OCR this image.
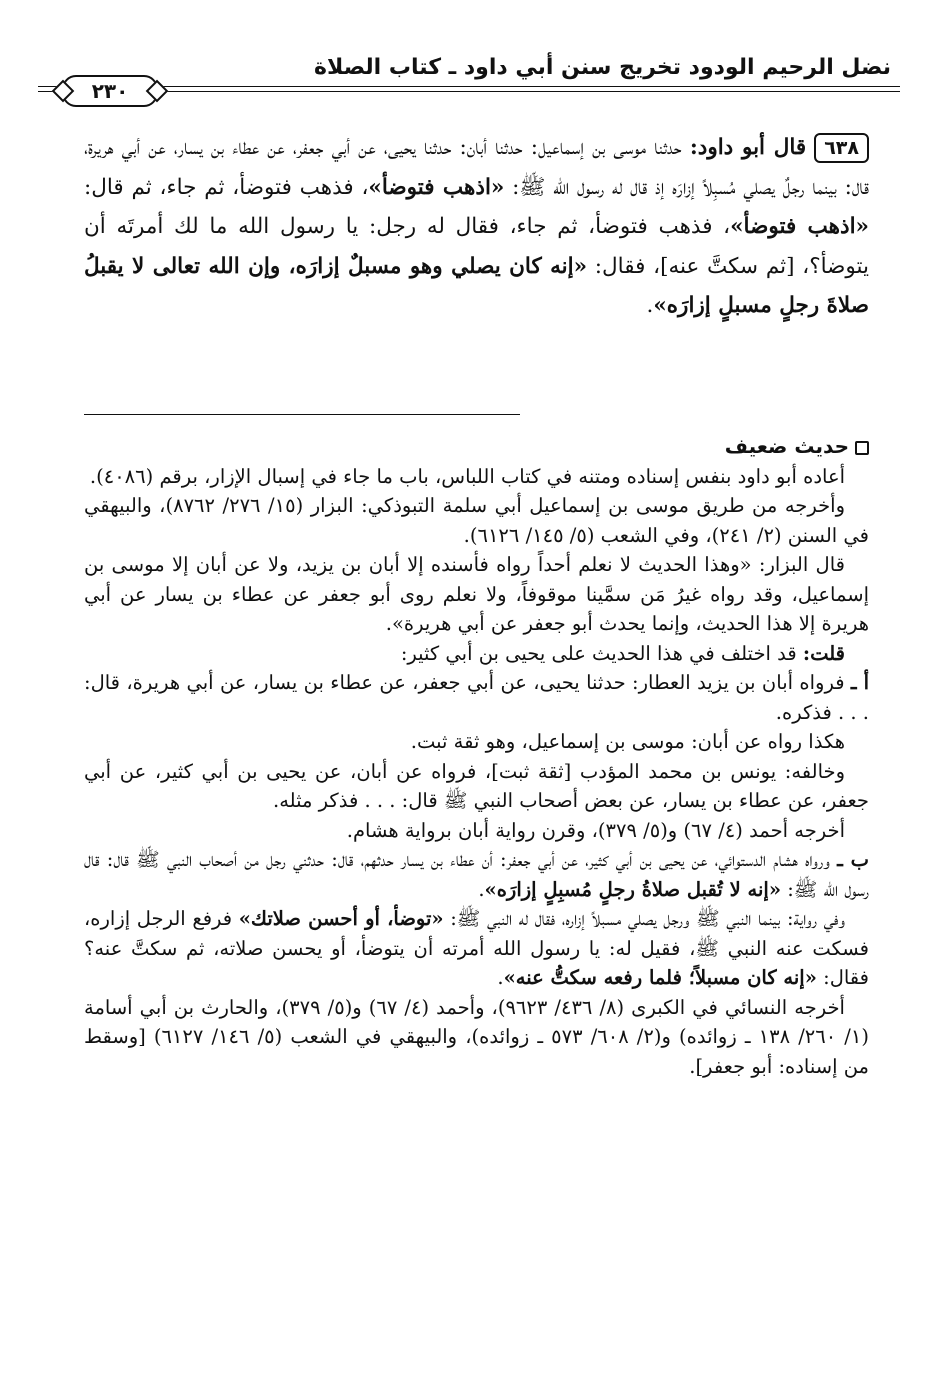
نضل الرحيم الودود تخريج سنن أبي داود ـ كتاب الصلاة
٢٣٠
٦٣٨قال أبو داود: حدثنا موسى بن إسماعيل: حدثنا أبان: حدثنا يحيى، عن أبي جعفر، عن عطاء بن يسار، عن أبي هريرة، قال: بينما رجلٌ يصلي مُسبِلاً إزارَه إذ قال له رسول الله ﷺ: «اذهب فتوضأ»، فذهب فتوضأ، ثم جاء، ثم قال: «اذهب فتوضأ»، فذهب فتوضأ، ثم جاء، فقال له رجل: يا رسول الله ما لك أمرتَه أن يتوضأ؟، [ثم سكتَّ عنه]، فقال: «إنه كان يصلي وهو مسبلٌ إزارَه، وإن الله تعالى لا يقبلُ صلاةَ رجلٍ مسبلٍ إزارَه».

حديث ضعيف

أعاده أبو داود بنفس إسناده ومتنه في كتاب اللباس، باب ما جاء في إسبال الإزار، برقم (٤٠٨٦).

وأخرجه من طريق موسى بن إسماعيل أبي سلمة التبوذكي: البزار (١٥/ ٢٧٦/ ٨٧٦٢)، والبيهقي في السنن (٢/ ٢٤١)، وفي الشعب (٥/ ١٤٥/ ٦١٢٦).

قال البزار: «وهذا الحديث لا نعلم أحداً رواه فأسنده إلا أبان بن يزيد، ولا عن أبان إلا موسى بن إسماعيل، وقد رواه غيرُ مَن سمَّينا موقوفاً، ولا نعلم روى أبو جعفر عن عطاء بن يسار عن أبي هريرة إلا هذا الحديث، وإنما يحدث أبو جعفر عن أبي هريرة».

قلت: قد اختلف في هذا الحديث على يحيى بن أبي كثير:

أ ـ فرواه أبان بن يزيد العطار: حدثنا يحيى، عن أبي جعفر، عن عطاء بن يسار، عن أبي هريرة، قال: . . . فذكره.

هكذا رواه عن أبان: موسى بن إسماعيل، وهو ثقة ثبت.

وخالفه: يونس بن محمد المؤدب [ثقة ثبت]، فرواه عن أبان، عن يحيى بن أبي كثير، عن أبي جعفر، عن عطاء بن يسار، عن بعض أصحاب النبي ﷺ قال: . . . فذكر مثله.

أخرجه أحمد (٤/ ٦٧) و(٥/ ٣٧٩)، وقرن رواية أبان برواية هشام.

ب ـ ورواه هشام الدستوائي، عن يحيى بن أبي كثير، عن أبي جعفر: أن عطاء بن يسار حدثهم، قال: حدثني رجل من أصحاب النبي ﷺ قال: قال رسول الله ﷺ: «إنه لا تُقبل صلاةُ رجلٍ مُسبِلٍ إزارَه».

وفي رواية: بينما النبي ﷺ ورجل يصلي مسبلاً إزاره، فقال له النبي ﷺ: «توضأ، أو أحسن صلاتك» فرفع الرجل إزاره، فسكت عنه النبي ﷺ، فقيل له: يا رسول الله أمرته أن يتوضأ، أو يحسن صلاته، ثم سكتَّ عنه؟ فقال: «إنه كان مسبلاً؛ فلما رفعه سكتُّ عنه».

أخرجه النسائي في الكبرى (٨/ ٤٣٦/ ٩٦٢٣)، وأحمد (٤/ ٦٧) و(٥/ ٣٧٩)، والحارث بن أبي أسامة (١/ ٢٦٠/ ١٣٨ ـ زوائده) و(٢/ ٦٠٨/ ٥٧٣ ـ زوائده)، والبيهقي في الشعب (٥/ ١٤٦/ ٦١٢٧) [وسقط من إسناده: أبو جعفر].
